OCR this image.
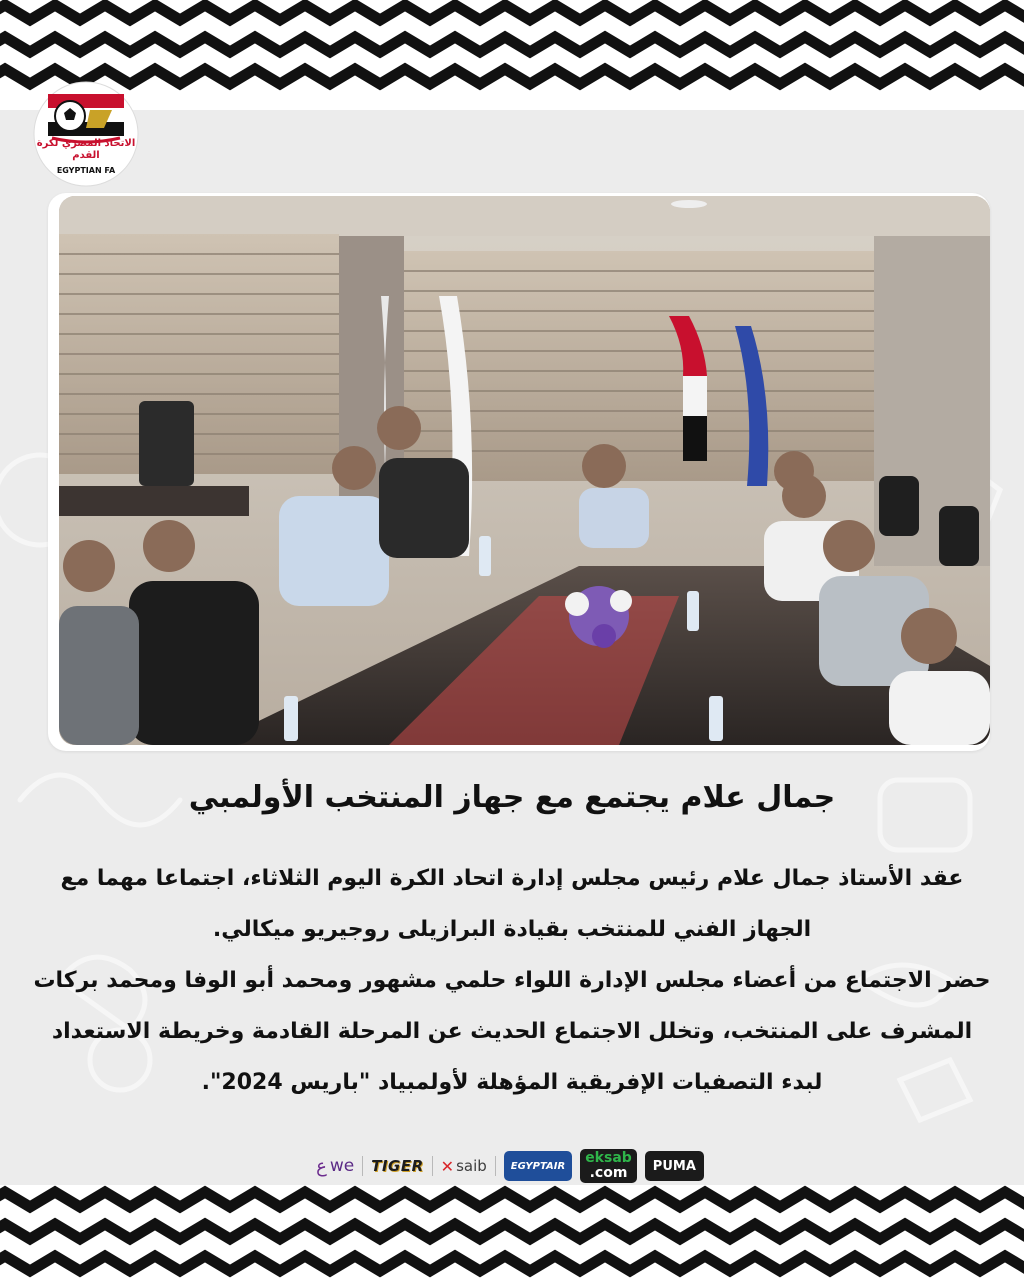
الاتحاد المصري لكرة القدم
EGYPTIAN FA
جمال علام يجتمع مع جهاز المنتخب الأولمبي

عقد الأستاذ جمال علام رئيس مجلس إدارة اتحاد الكرة اليوم الثلاثاء، اجتماعا مهما مع الجهاز الفني للمنتخب بقيادة البرازيلى روجيريو ميكالي.

حضر الاجتماع من أعضاء مجلس الإدارة اللواء حلمي مشهور ومحمد أبو الوفا ومحمد بركات المشرف على المنتخب، وتخلل الاجتماع الحديث عن المرحلة القادمة وخريطة الاستعداد لبدء التصفيات الإفريقية المؤهلة لأولمبياد "باريس 2024".

ع we TIGER ✕ saib	EGYPTAIR	eksab
.com	PUMA
